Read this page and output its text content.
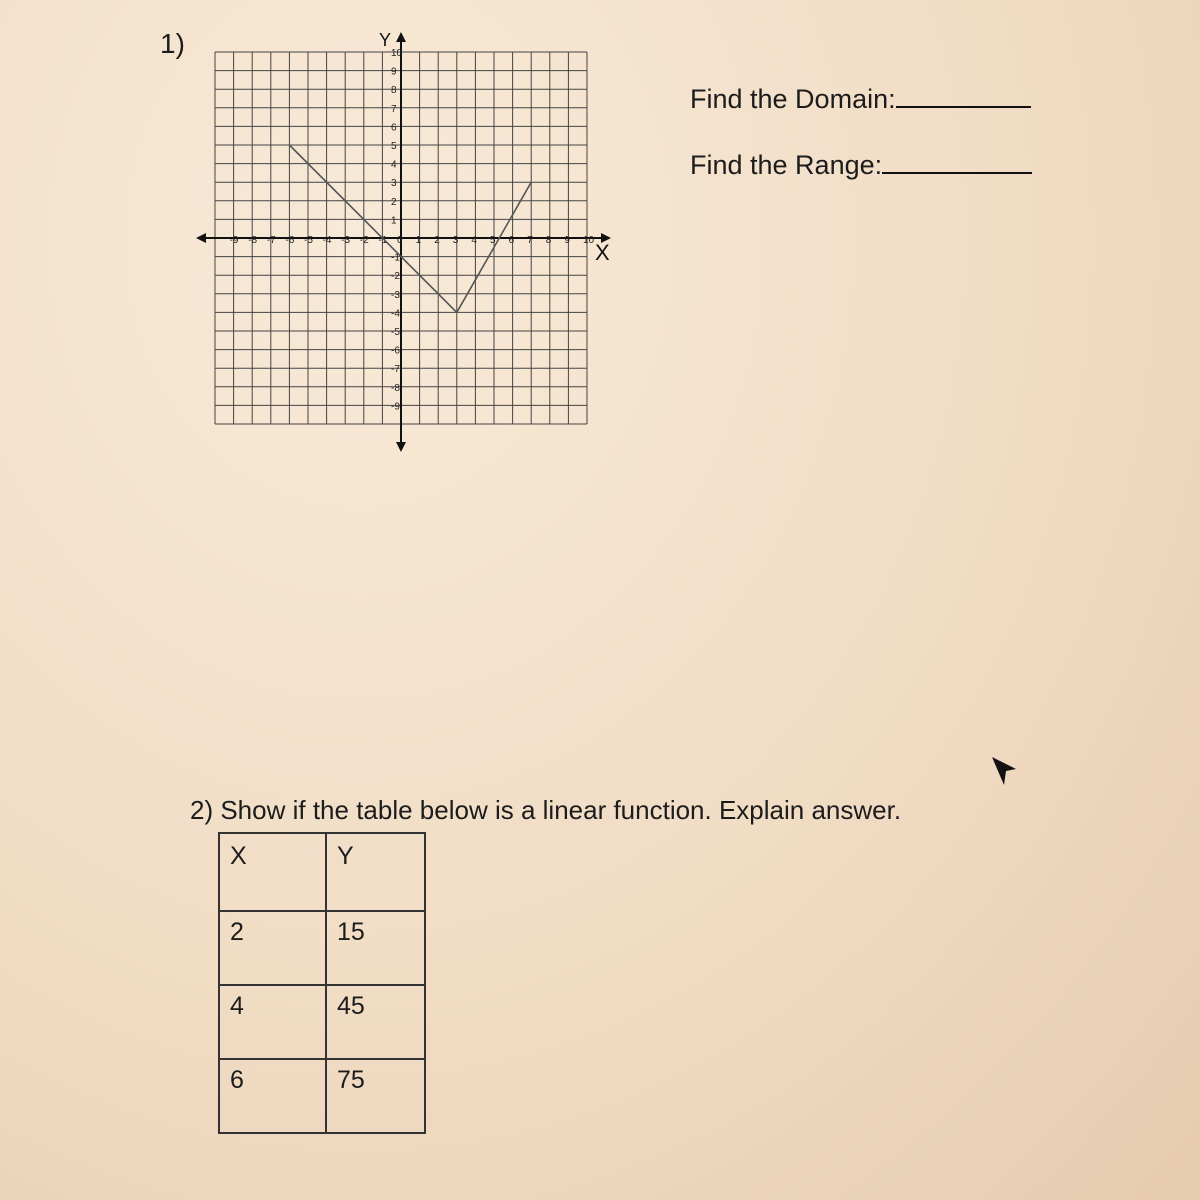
1)	Y
X
-9 -8 -7 -6 -5 -4 -3 -2 -1 0 1 2 3 4 5 6 7 8 9 10
10
9
8
7
6
5
4
3
2
1
-1
-2
-3
-4
-5
-6
-7
-8
-9
Find the Domain:
Find the Range:
2) Show if the table below is a linear function. Explain answer.
X	Y
2	15
4	45
6	75
